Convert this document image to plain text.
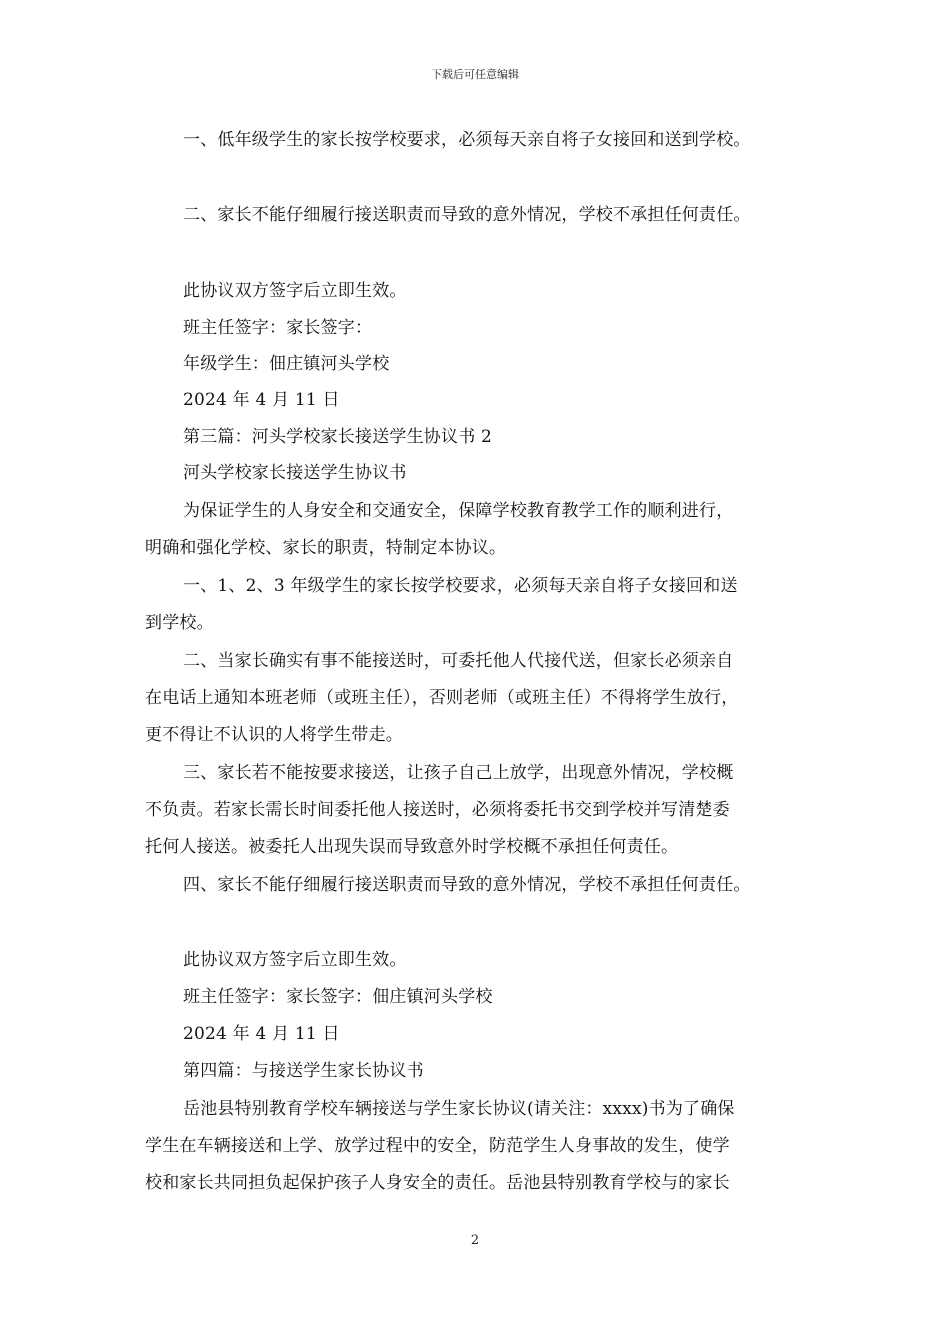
下载后可任意编辑
一、低年级学生的家长按学校要求，必须每天亲自将子女接回和送到学校。
二、家长不能仔细履行接送职责而导致的意外情况，学校不承担任何责任。
此协议双方签字后立即生效。
班主任签字：家长签字：
年级学生：佃庄镇河头学校
2024 年 4 月 11 日
第三篇：河头学校家长接送学生协议书 2
河头学校家长接送学生协议书
为保证学生的人身安全和交通安全，保障学校教育教学工作的顺利进行，
明确和强化学校、家长的职责，特制定本协议。
一、1、2、3 年级学生的家长按学校要求，必须每天亲自将子女接回和送
到学校。
二、当家长确实有事不能接送时，可委托他人代接代送，但家长必须亲自
在电话上通知本班老师（或班主任），否则老师（或班主任）不得将学生放行，
更不得让不认识的人将学生带走。
三、家长若不能按要求接送，让孩子自己上放学，出现意外情况，学校概
不负责。若家长需长时间委托他人接送时，必须将委托书交到学校并写清楚委
托何人接送。被委托人出现失误而导致意外时学校概不承担任何责任。
四、家长不能仔细履行接送职责而导致的意外情况，学校不承担任何责任。
此协议双方签字后立即生效。
班主任签字：家长签字：佃庄镇河头学校
2024 年 4 月 11 日
第四篇：与接送学生家长协议书
岳池县特别教育学校车辆接送与学生家长协议(请关注：xxxx)书为了确保
学生在车辆接送和上学、放学过程中的安全，防范学生人身事故的发生，使学
校和家长共同担负起保护孩子人身安全的责任。岳池县特别教育学校与的家长
2
